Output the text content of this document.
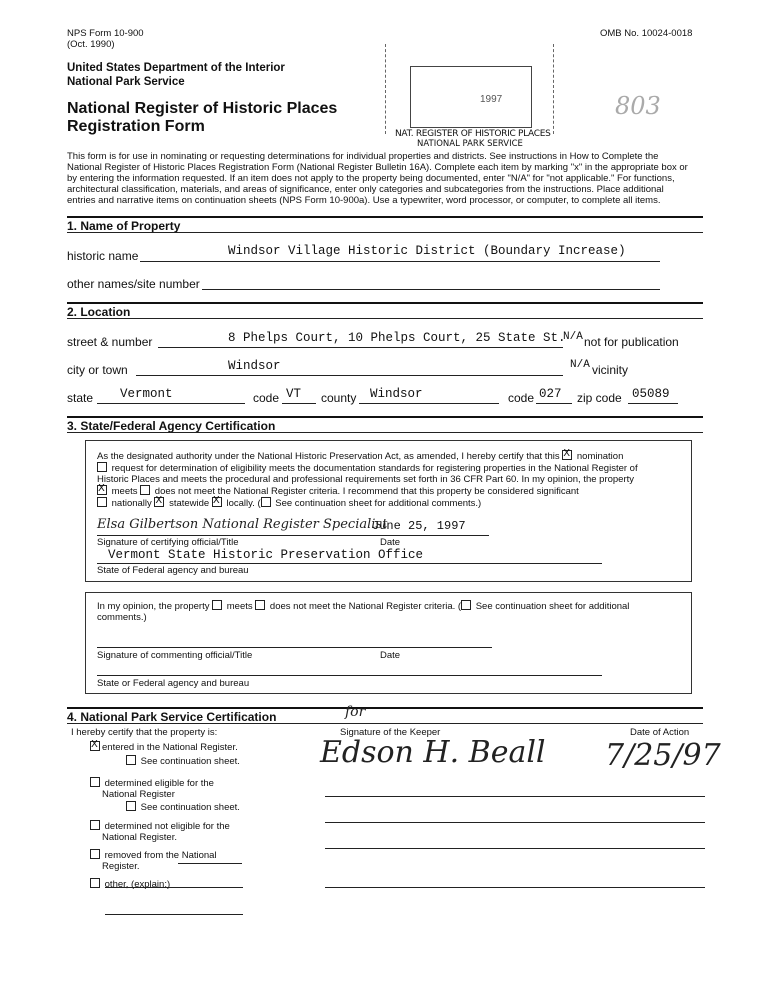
NPS Form 10-900
(Oct. 1990)
OMB No. 10024-0018
United States Department of the Interior
National Park Service
National Register of Historic Places
Registration Form
1997
NAT. REGISTER OF HISTORIC PLACES
NATIONAL PARK SERVICE
803
This form is for use in nominating or requesting determinations for individual properties and districts. See instructions in How to Complete the
National Register of Historic Places Registration Form (National Register Bulletin 16A). Complete each item by marking "x" in the appropriate box or
by entering the information requested. If an item does not apply to the property being documented, enter "N/A" for "not applicable." For functions,
architectural classification, materials, and areas of significance, enter only categories and subcategories from the instructions. Place additional
entries and narrative items on continuation sheets (NPS Form 10-900a). Use a typewriter, word processor, or computer, to complete all items.
1. Name of Property
historic name	Windsor Village Historic District (Boundary Increase)
other names/site number
2. Location
street & number	8 Phelps Court, 10 Phelps Court, 25 State St.
N/A not for publication
city or town	Windsor	N/A vicinity
state Vermont	code VT county Windsor	code 027 zip code 05089
3. State/Federal Agency Certification
As the designated authority under the National Historic Preservation Act, as amended, I hereby certify that this X nomination
request for determination of eligibility meets the documentation standards for registering properties in the National Register of
Historic Places and meets the procedural and professional requirements set forth in 36 CFR Part 60. In my opinion, the property
X meets does not meet the National Register criteria. I recommend that this property be considered significant
nationally X statewide X locally. ( See continuation sheet for additional comments.)
Elsa Gilbertson National Register Specialist
June 25, 1997
Signature of certifying official/Title	Date
Vermont State Historic Preservation Office
State of Federal agency and bureau
In my opinion, the property meets does not meet the National Register criteria. ( See continuation sheet for additional
comments.)
Signature of commenting official/Title	Date
State or Federal agency and bureau
4. National Park Service Certification
I hereby certify that the property is:	Signature of the Keeper	Date of Action
for
Edson H. Beall 7/25/97
Xentered in the National Register.
See continuation sheet.
determined eligible for the
National Register
See continuation sheet.
determined not eligible for the
National Register.
removed from the National
Register.
other, (explain:)
